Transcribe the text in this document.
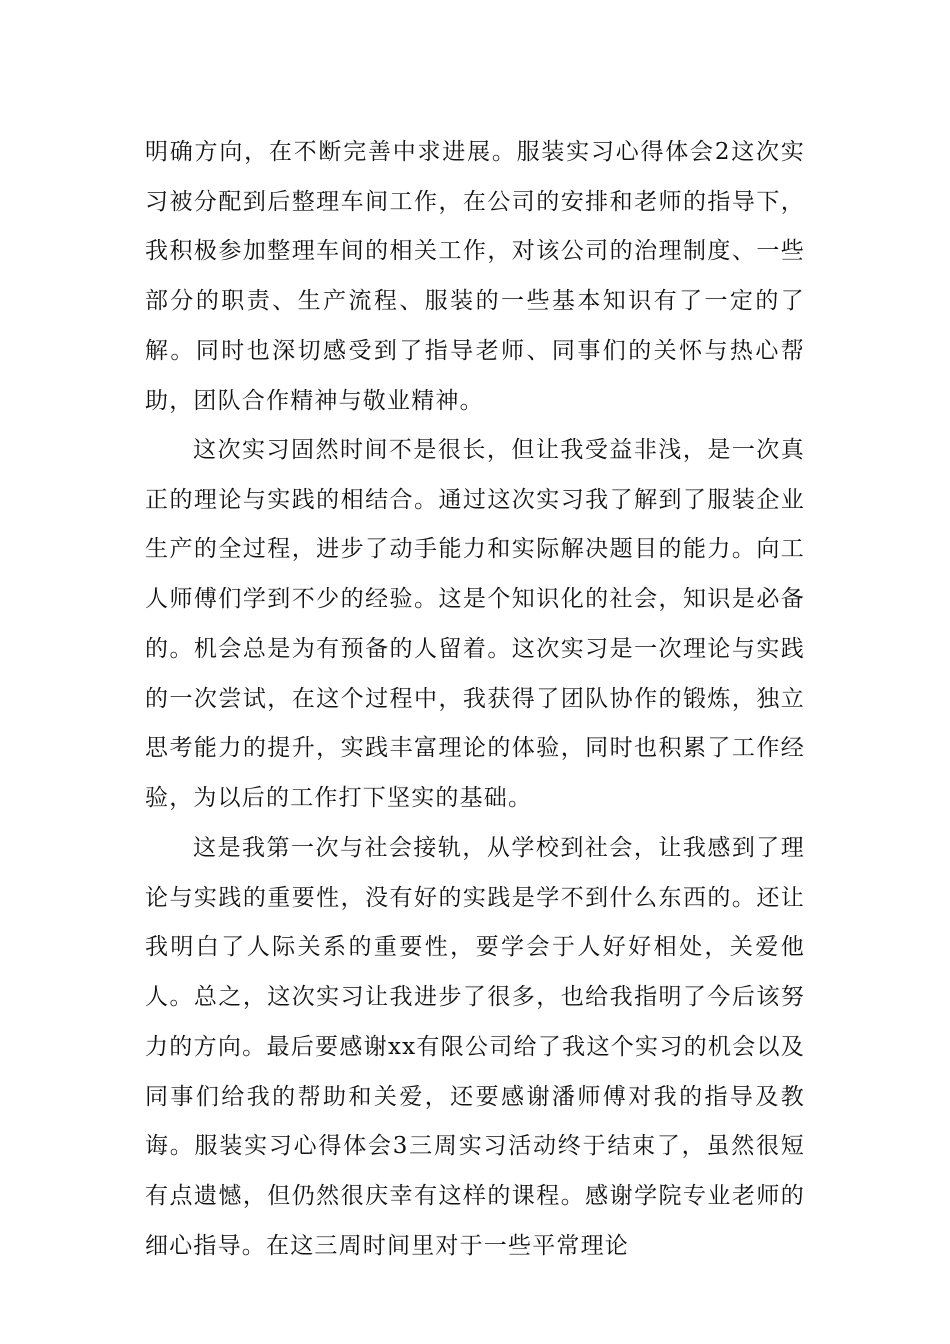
明确方向，在不断完善中求进展。服装实习心得体会2这次实习被分配到后整理车间工作，在公司的安排和老师的指导下，我积极参加整理车间的相关工作，对该公司的治理制度、一些部分的职责、生产流程、服装的一些基本知识有了一定的了解。同时也深切感受到了指导老师、同事们的关怀与热心帮助，团队合作精神与敬业精神。

这次实习固然时间不是很长，但让我受益非浅，是一次真正的理论与实践的相结合。通过这次实习我了解到了服装企业生产的全过程，进步了动手能力和实际解决题目的能力。向工人师傅们学到不少的经验。这是个知识化的社会，知识是必备的。机会总是为有预备的人留着。这次实习是一次理论与实践的一次尝试，在这个过程中，我获得了团队协作的锻炼，独立思考能力的提升，实践丰富理论的体验，同时也积累了工作经验，为以后的工作打下坚实的基础。

这是我第一次与社会接轨，从学校到社会，让我感到了理论与实践的重要性，没有好的实践是学不到什么东西的。还让我明白了人际关系的重要性，要学会于人好好相处，关爱他人。总之，这次实习让我进步了很多，也给我指明了今后该努力的方向。最后要感谢xx有限公司给了我这个实习的机会以及同事们给我的帮助和关爱，还要感谢潘师傅对我的指导及教诲。服装实习心得体会3三周实习活动终于结束了，虽然很短有点遗憾，但仍然很庆幸有这样的课程。感谢学院专业老师的细心指导。在这三周时间里对于一些平常理论
